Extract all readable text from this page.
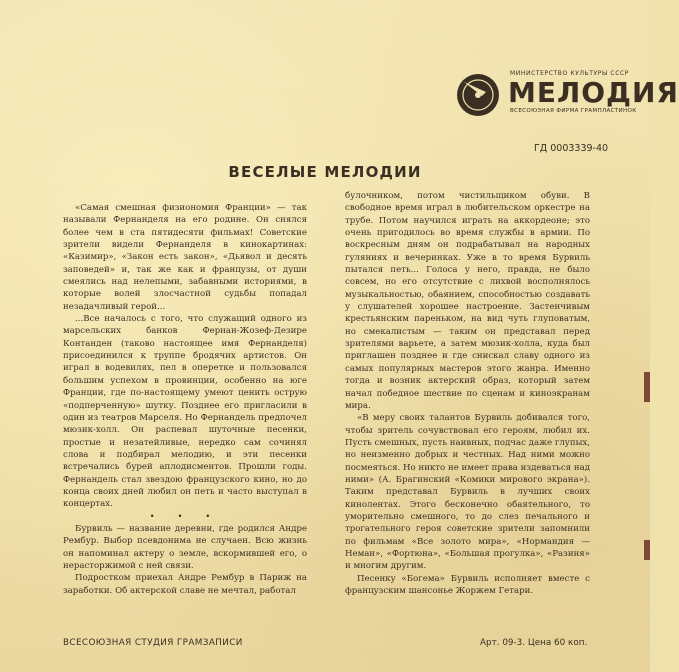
МИНИСТЕРСТВО КУЛЬТУРЫ СССР
МЕЛОДИЯ
ВСЕСОЮЗНАЯ ФИРМА ГРАМПЛАСТИНОК
ГД 0003339-40
ВЕСЕЛЫЕ МЕЛОДИИ

«Самая смешная физиономия Франции» — так называли Фернанделя на его родине. Он снялся более чем в ста пятидесяти фильмах! Советские зрители видели Фернанделя в кинокартинах: «Казимир», «Закон есть закон», «Дьявол и десять заповедей» и, так же как и французы, от души смеялись над нелепыми, забавными историями, в которые волей злосчастной судьбы попадал незадачливый герой...

...Все началось с того, что служащий одного из марсельских банков Фернан-Жозеф-Дезире Контанден (таково настоящее имя Фернанделя) присоединился к труппе бродячих артистов. Он играл в водевилях, пел в оперетке и пользовался большим успехом в провинции, особенно на юге Франции, где по-настоящему умеют ценить острую «подперченную» шутку. Позднее его пригласили в один из театров Марселя. Но Фернандель предпочел мюзик-холл. Он распевал шуточные песенки, простые и незатейливые, нередко сам сочинял слова и подбирал мелодию, и эти песенки встречались бурей аплодисментов. Прошли годы. Фернандель стал звездою французского кино, но до конца своих дней любил он петь и часто выступал в концертах.

• • •

Бурвиль — название деревни, где родился Андре Рембур. Выбор псевдонима не случаен. Всю жизнь он напоминал актеру о земле, вскормившей его, о нерасторжимой с ней связи.

Подростком приехал Андре Рембур в Париж на заработки. Об актерской славе не мечтал, работал

булочником, потом чистильщиком обуви. В свободное время играл в любительском оркестре на трубе. Потом научился играть на аккордеоне; это очень пригодилось во время службы в армии. По воскресным дням он подрабатывал на народных гуляниях и вечеринках. Уже в то время Бурвиль пытался петь... Голоса у него, правда, не было совсем, но его отсутствие с лихвой восполнялось музыкальностью, обаянием, способностью создавать у слушателей хорошее настроение. Застенчивым крестьянским пареньком, на вид чуть глуповатым, но смекалистым — таким он представал перед зрителями варьете, а затем мюзик-холла, куда был приглашен позднее и где снискал славу одного из самых популярных мастеров этого жанра. Именно тогда и возник актерский образ, который затем начал победное шествие по сценам и киноэкранам мира.

«В меру своих талантов Бурвиль добивался того, чтобы зритель сочувствовал его героям, любил их. Пусть смешных, пусть наивных, подчас даже глупых, но неизменно добрых и честных. Над ними можно посмеяться. Но никто не имеет права издеваться над ними» (А. Брагинский «Комики мирового экрана»). Таким представал Бурвиль в лучших своих кинолентах. Этого бесконечно обаятельного, то уморительно смешного, то до слез печального и трогательного героя советские зрители запомнили по фильмам «Все золото мира», «Нормандия — Неман», «Фортюна», «Большая прогулка», «Разиня» и многим другим.

Песенку «Богема» Бурвиль исполняет вместе с французским шансонье Жоржем Гетари.

ВСЕСОЮЗНАЯ СТУДИЯ ГРАМЗАПИСИ	Арт. 09-3. Цена 60 коп.
